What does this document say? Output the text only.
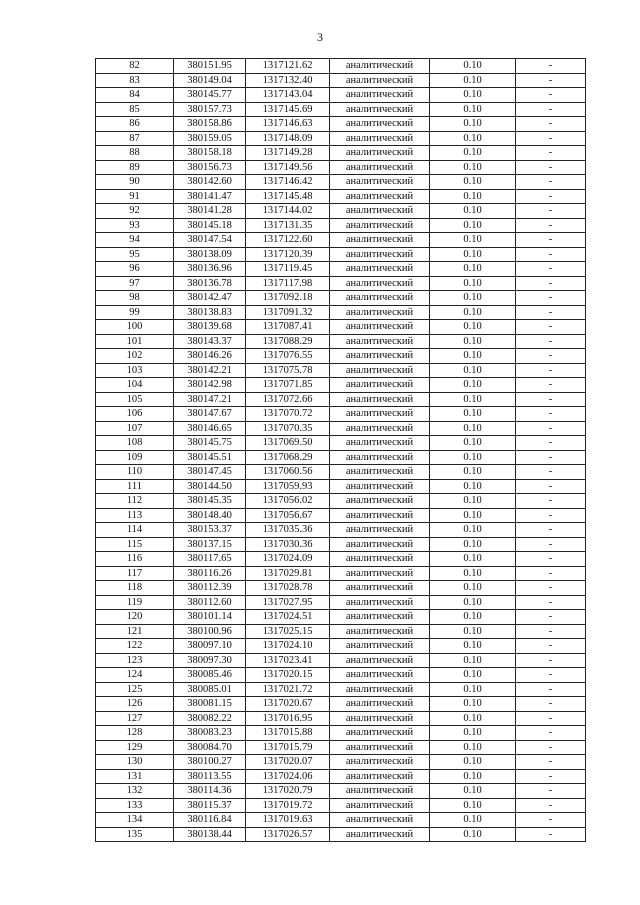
3
82	380151.95	1317121.62	аналитический	0.10	-
83	380149.04	1317132.40	аналитический	0.10	-
84	380145.77	1317143.04	аналитический	0.10	-
85	380157.73	1317145.69	аналитический	0.10	-
86	380158.86	1317146.63	аналитический	0.10	-
87	380159.05	1317148.09	аналитический	0.10	-
88	380158.18	1317149.28	аналитический	0.10	-
89	380156.73	1317149.56	аналитический	0.10	-
90	380142.60	1317146.42	аналитический	0.10	-
91	380141.47	1317145.48	аналитический	0.10	-
92	380141.28	1317144.02	аналитический	0.10	-
93	380145.18	1317131.35	аналитический	0.10	-
94	380147.54	1317122.60	аналитический	0.10	-
95	380138.09	1317120.39	аналитический	0.10	-
96	380136.96	1317119.45	аналитический	0.10	-
97	380136.78	1317117.98	аналитический	0.10	-
98	380142.47	1317092.18	аналитический	0.10	-
99	380138.83	1317091.32	аналитический	0.10	-
100	380139.68	1317087.41	аналитический	0.10	-
101	380143.37	1317088.29	аналитический	0.10	-
102	380146.26	1317076.55	аналитический	0.10	-
103	380142.21	1317075.78	аналитический	0.10	-
104	380142.98	1317071.85	аналитический	0.10	-
105	380147.21	1317072.66	аналитический	0.10	-
106	380147.67	1317070.72	аналитический	0.10	-
107	380146.65	1317070.35	аналитический	0.10	-
108	380145.75	1317069.50	аналитический	0.10	-
109	380145.51	1317068.29	аналитический	0.10	-
110	380147.45	1317060.56	аналитический	0.10	-
111	380144.50	1317059.93	аналитический	0.10	-
112	380145.35	1317056.02	аналитический	0.10	-
113	380148.40	1317056.67	аналитический	0.10	-
114	380153.37	1317035.36	аналитический	0.10	-
115	380137.15	1317030.36	аналитический	0.10	-
116	380117.65	1317024.09	аналитический	0.10	-
117	380116.26	1317029.81	аналитический	0.10	-
118	380112.39	1317028.78	аналитический	0.10	-
119	380112.60	1317027.95	аналитический	0.10	-
120	380101.14	1317024.51	аналитический	0.10	-
121	380100.96	1317025.15	аналитический	0.10	-
122	380097.10	1317024.10	аналитический	0.10	-
123	380097.30	1317023.41	аналитический	0.10	-
124	380085.46	1317020.15	аналитический	0.10	-
125	380085.01	1317021.72	аналитический	0.10	-
126	380081.15	1317020.67	аналитический	0.10	-
127	380082.22	1317016.95	аналитический	0.10	-
128	380083.23	1317015.88	аналитический	0.10	-
129	380084.70	1317015.79	аналитический	0.10	-
130	380100.27	1317020.07	аналитический	0.10	-
131	380113.55	1317024.06	аналитический	0.10	-
132	380114.36	1317020.79	аналитический	0.10	-
133	380115.37	1317019.72	аналитический	0.10	-
134	380116.84	1317019.63	аналитический	0.10	-
135	380138.44	1317026.57	аналитический	0.10	-
